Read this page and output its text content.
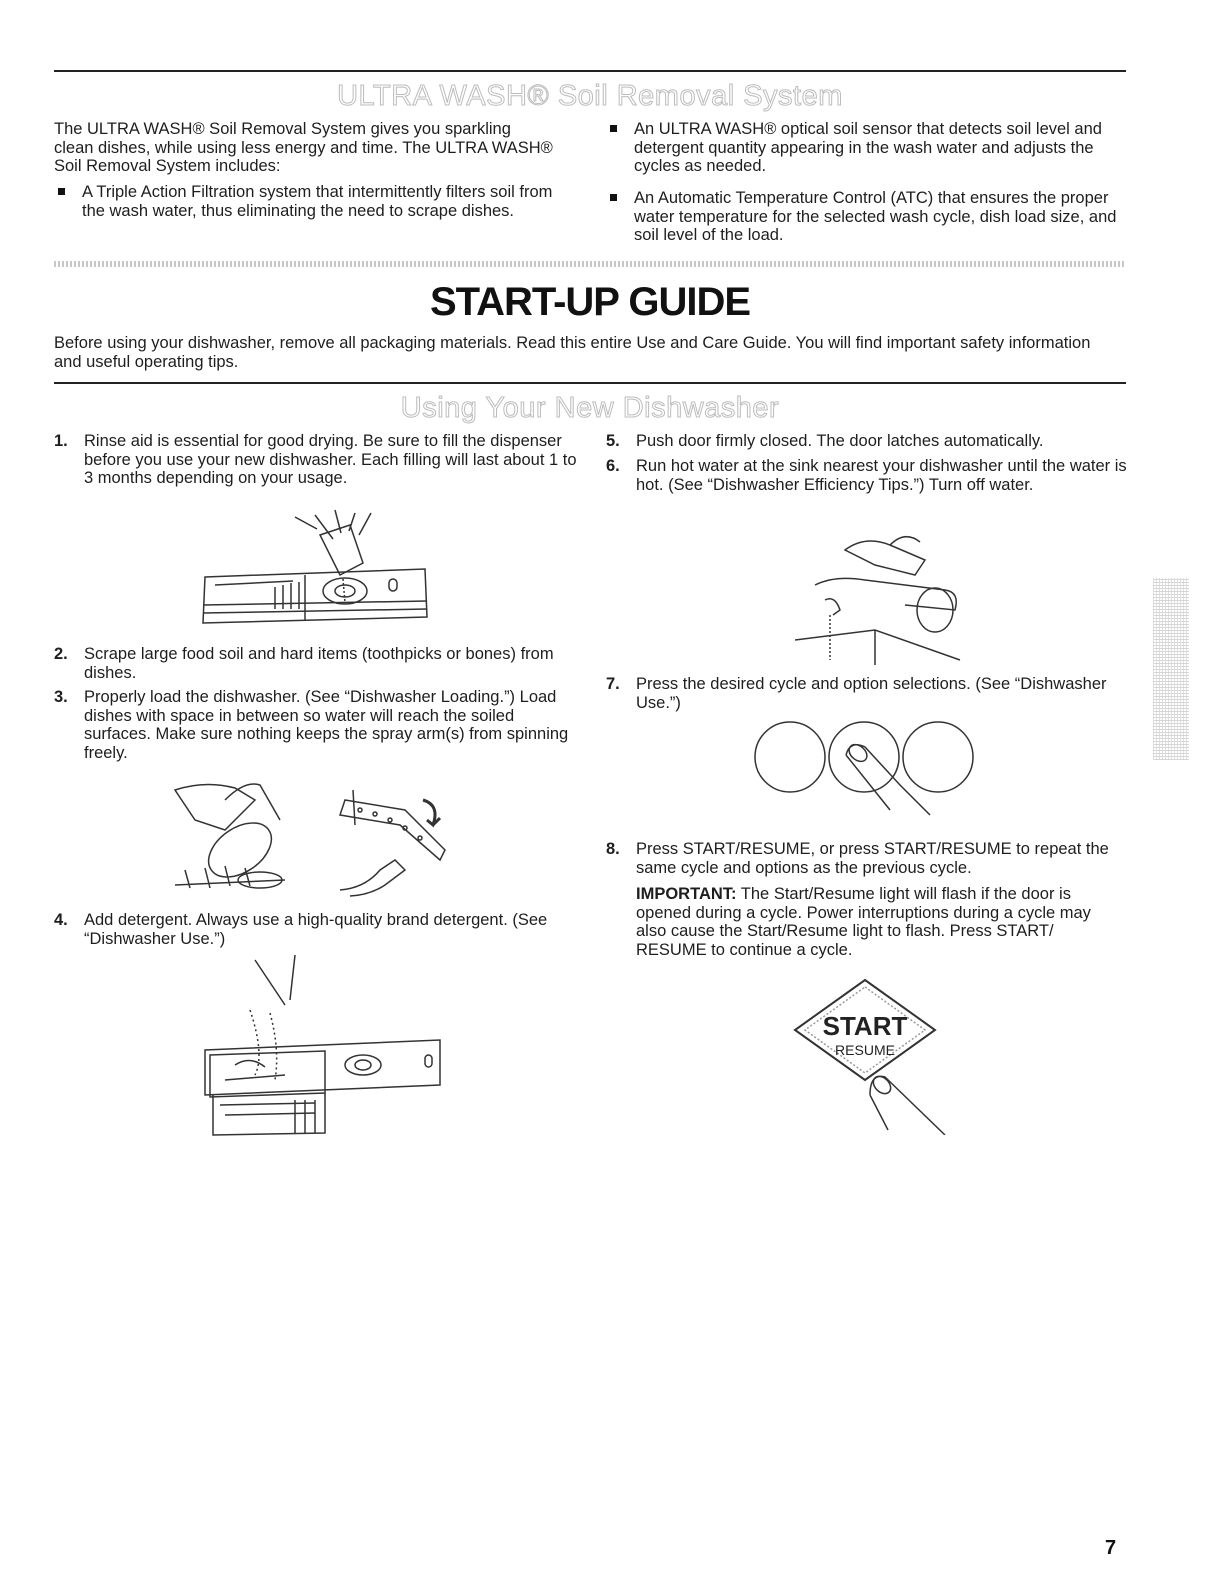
ULTRA WASH® Soil Removal System
The ULTRA WASH® Soil Removal System gives you sparkling clean dishes, while using less energy and time. The ULTRA WASH® Soil Removal System includes:
A Triple Action Filtration system that intermittently filters soil from the wash water, thus eliminating the need to scrape dishes.
An ULTRA WASH® optical soil sensor that detects soil level and detergent quantity appearing in the wash water and adjusts the cycles as needed.
An Automatic Temperature Control (ATC) that ensures the proper water temperature for the selected wash cycle, dish load size, and soil level of the load.
START-UP GUIDE
Before using your dishwasher, remove all packaging materials. Read this entire Use and Care Guide. You will find important safety information and useful operating tips.
Using Your New Dishwasher
1. Rinse aid is essential for good drying. Be sure to fill the dispenser before you use your new dishwasher. Each filling will last about 1 to 3 months depending on your usage.
2. Scrape large food soil and hard items (toothpicks or bones) from dishes.
3. Properly load the dishwasher. (See “Dishwasher Loading.”) Load dishes with space in between so water will reach the soiled surfaces. Make sure nothing keeps the spray arm(s) from spinning freely.
4. Add detergent. Always use a high-quality brand detergent. (See “Dishwasher Use.”)
5. Push door firmly closed. The door latches automatically.
6. Run hot water at the sink nearest your dishwasher until the water is hot. (See “Dishwasher Efficiency Tips.”) Turn off water.
7. Press the desired cycle and option selections. (See “Dishwasher Use.”)
8. Press START/RESUME, or press START/RESUME to repeat the same cycle and options as the previous cycle.
IMPORTANT: The Start/Resume light will flash if the door is opened during a cycle. Power interruptions during a cycle may also cause the Start/Resume light to flash. Press START/ RESUME to continue a cycle.
START
RESUME
7
